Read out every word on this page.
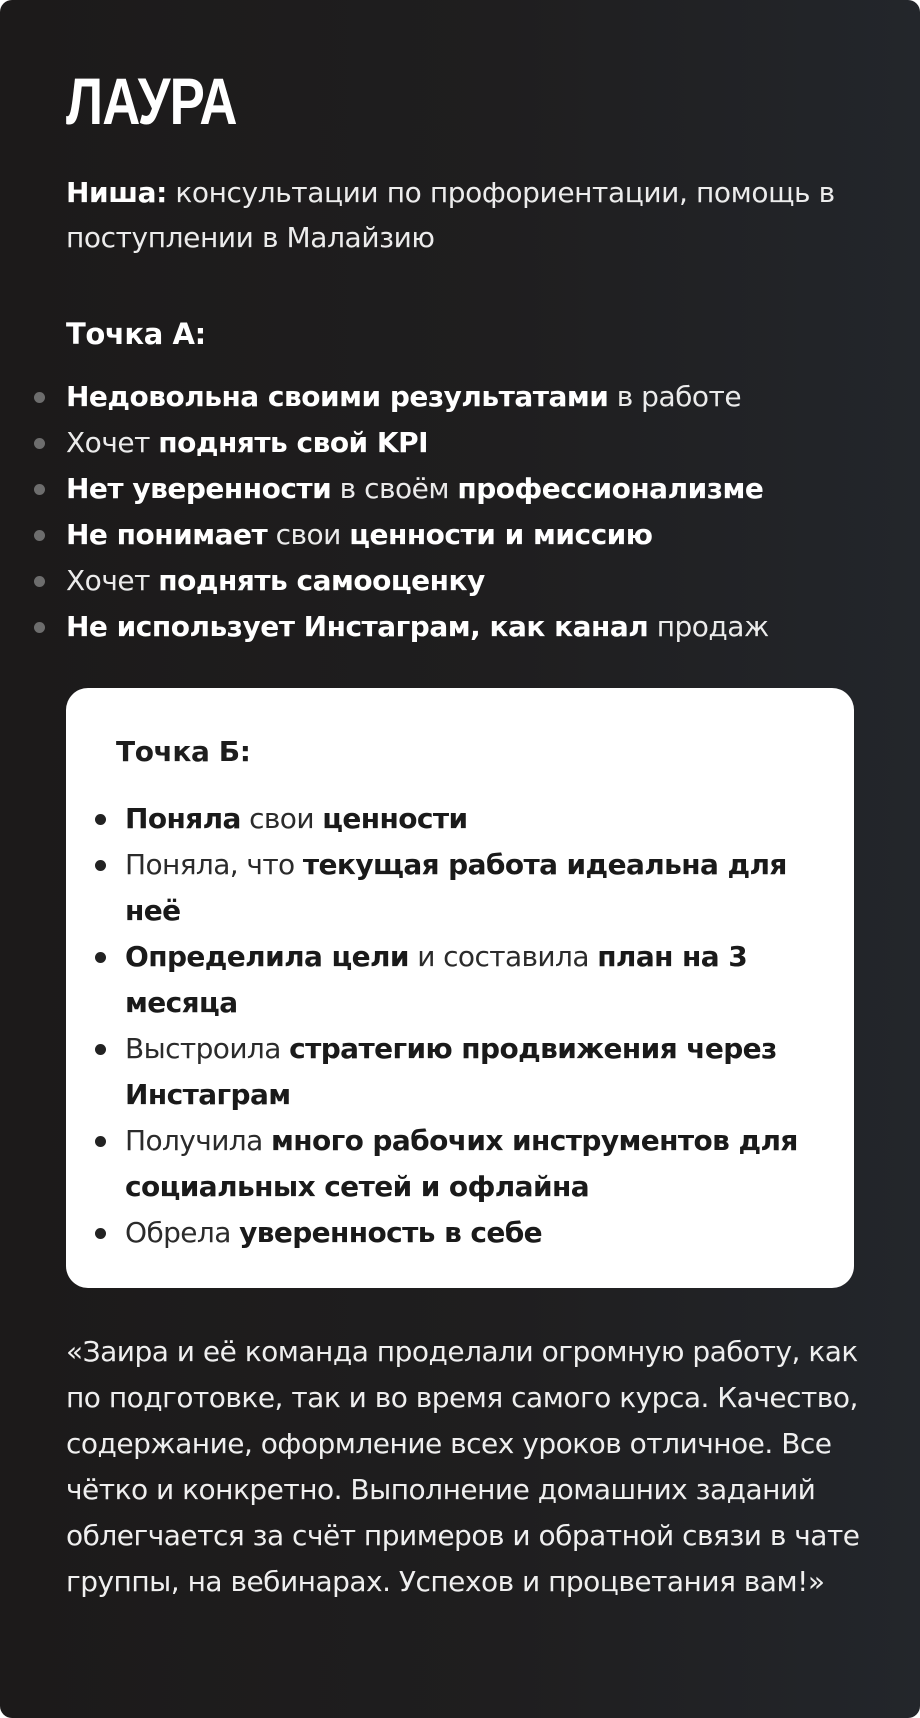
ЛАУРА

Ниша: консультации по профориентации, помощь в поступлении в Малайзию

Точка А:
Недовольна своими результатами в работе
Хочет поднять свой KPI
Нет уверенности в своём профессионализме
Не понимает свои ценности и миссию
Хочет поднять самооценку
Не использует Инстаграм, как канал продаж
Точка Б:
Поняла свои ценности
Поняла, что текущая работа идеальна для неё
Определила цели и составила план на 3 месяца
Выстроила стратегию продвижения через Инстаграм
Получила много рабочих инструментов для социальных сетей и офлайна
Обрела уверенность в себе

«Заира и её команда проделали огромную работу, как по подготовке, так и во время самого курса. Качество, содержание, оформление всех уроков отличное. Все чётко и конкретно. Выполнение домашних заданий облегчается за счёт примеров и обратной связи в чате группы, на вебинарах. Успехов и процветания вам!»
